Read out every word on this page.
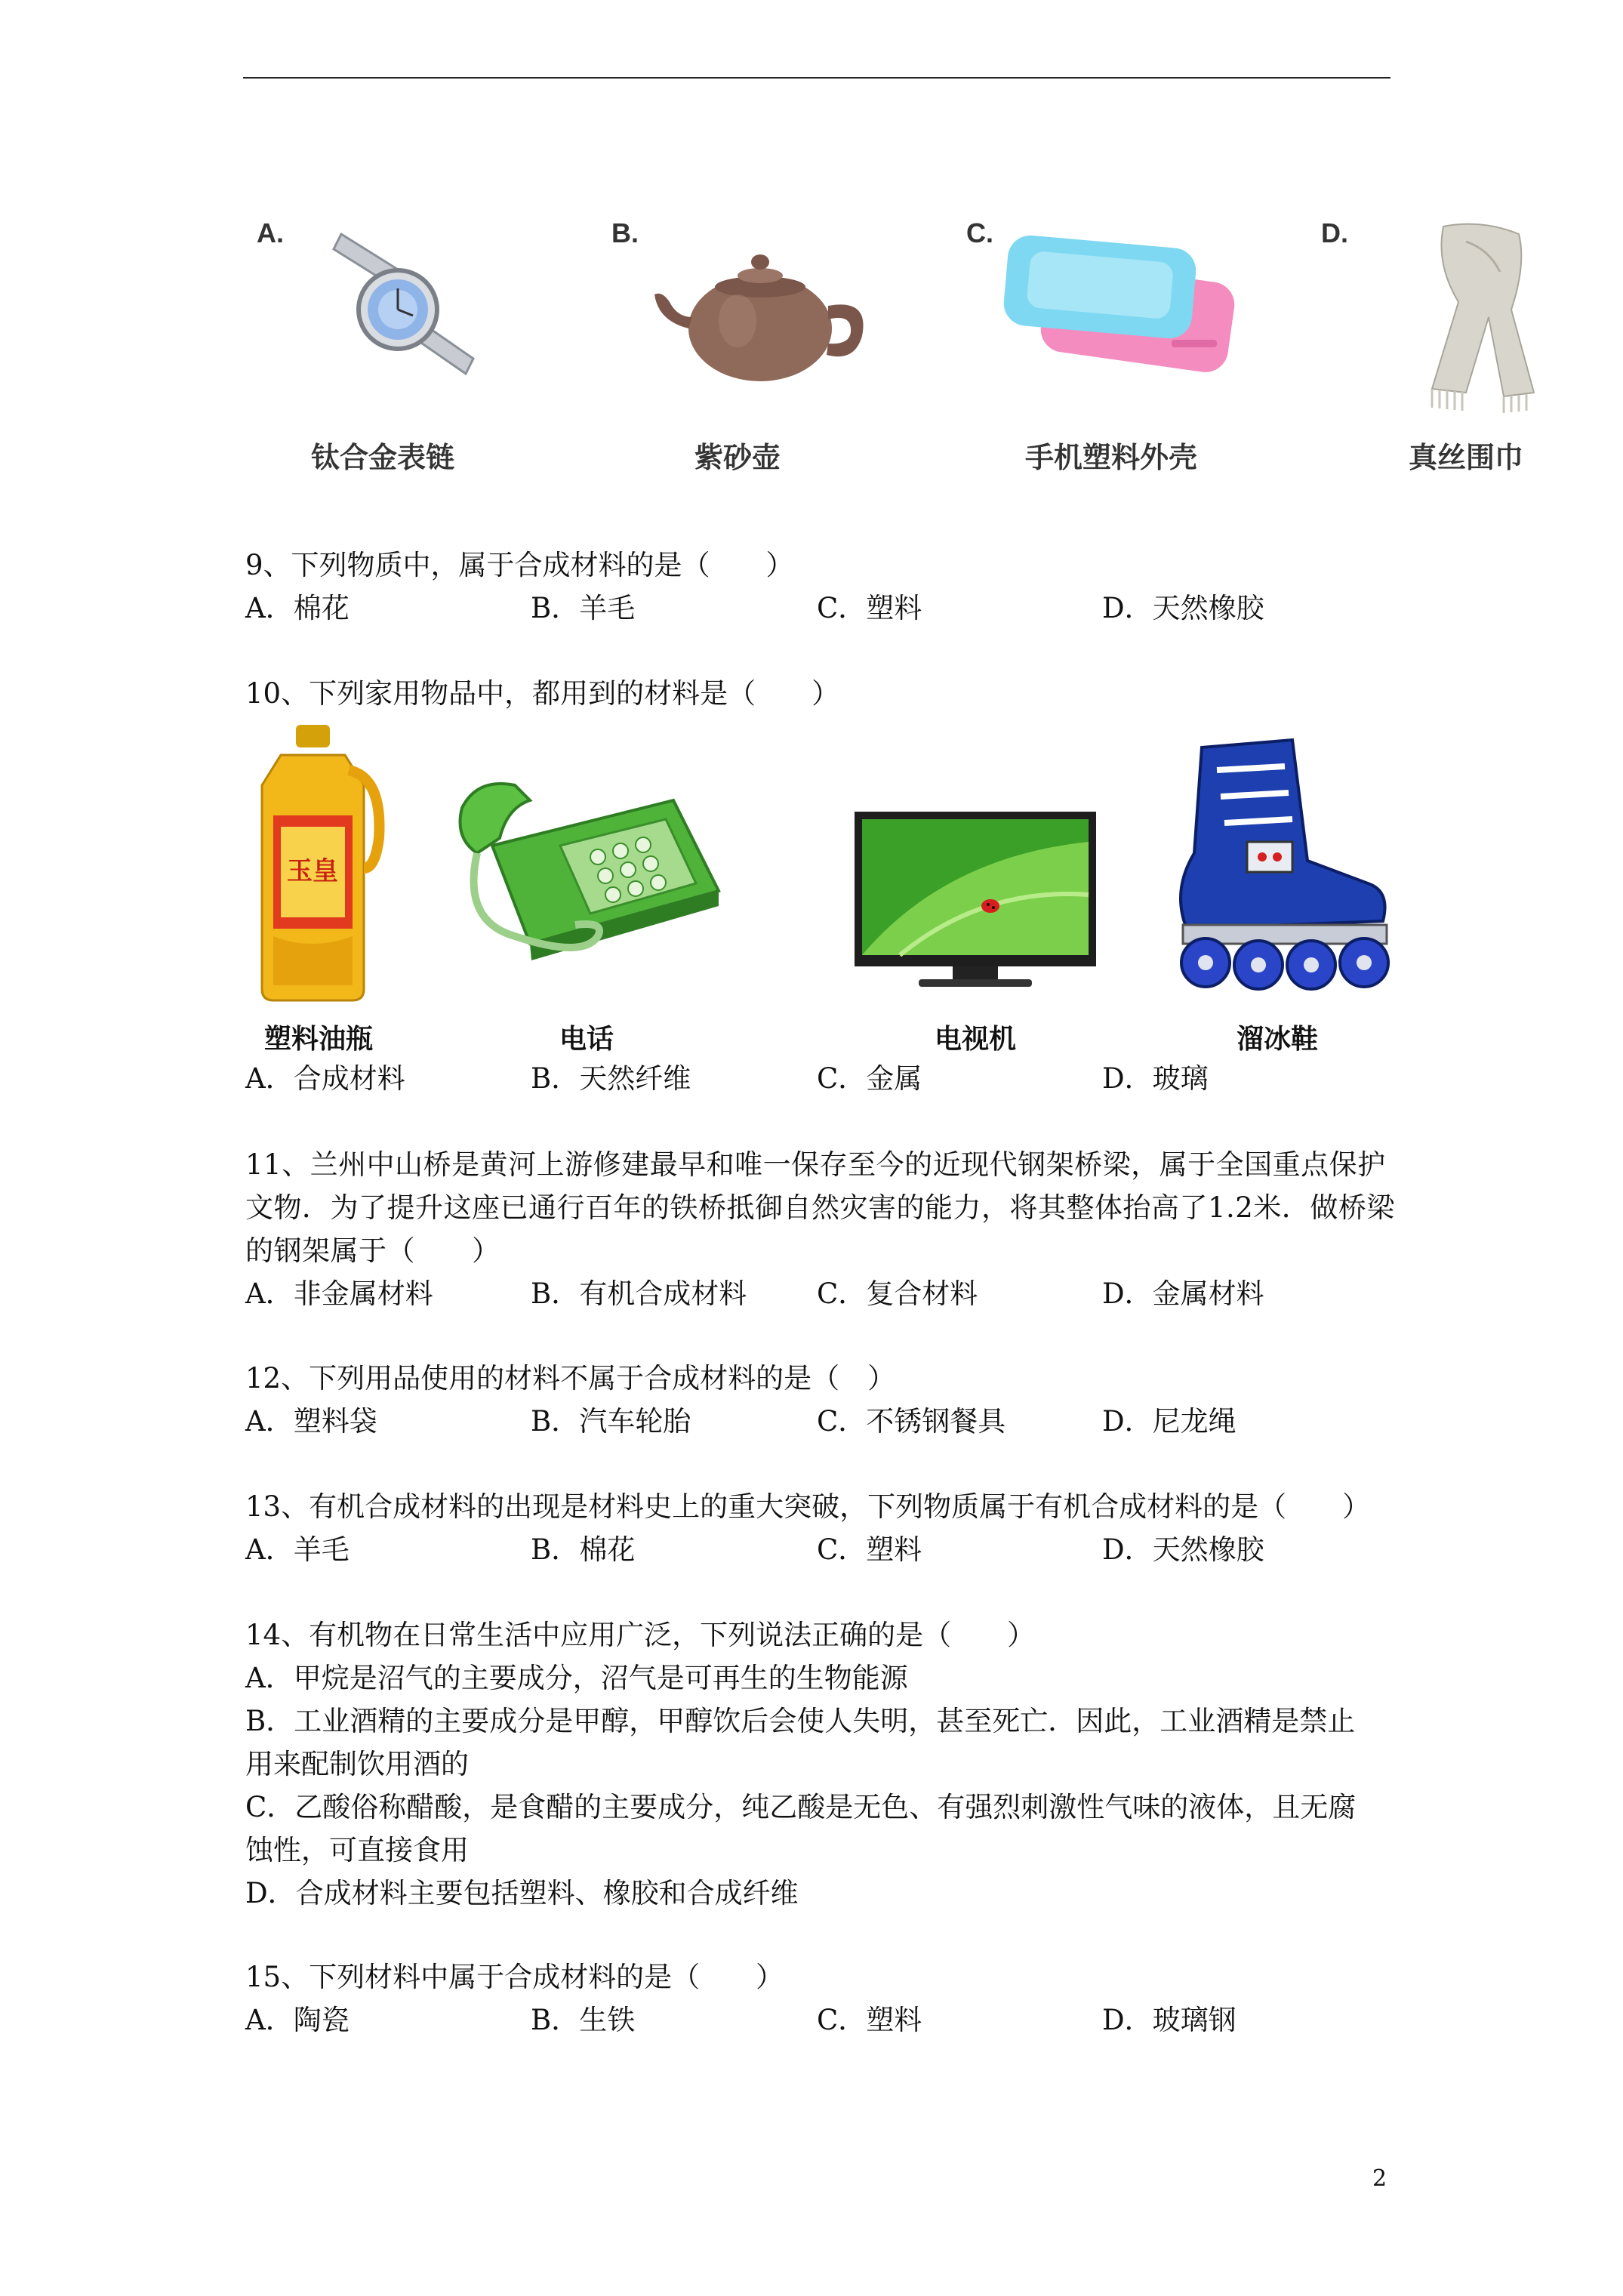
A.
钛合金表链
B.
紫砂壶
C.
手机塑料外壳
D.
真丝围巾
9、下列物质中，属于合成材料的是（　　）
A．棉花	B．羊毛	C．塑料	D．天然橡胶
10、下列家用物品中，都用到的材料是（　　）
玉皇
塑料油瓶	电话	电视机	溜冰鞋
A．合成材料	B．天然纤维	C．金属	D．玻璃
11、兰州中山桥是黄河上游修建最早和唯一保存至今的近现代钢架桥梁，属于全国重点保护文物．为了提升这座已通行百年的铁桥抵御自然灾害的能力，将其整体抬高了1.2米．做桥梁的钢架属于（　　）
A．非金属材料	B．有机合成材料	C．复合材料	D．金属材料
12、下列用品使用的材料不属于合成材料的是（　）
A．塑料袋	B．汽车轮胎	C．不锈钢餐具	D．尼龙绳
13、有机合成材料的出现是材料史上的重大突破，下列物质属于有机合成材料的是（　　）
A．羊毛	B．棉花	C．塑料	D．天然橡胶
14、有机物在日常生活中应用广泛，下列说法正确的是（　　）
A．甲烷是沼气的主要成分，沼气是可再生的生物能源
B．工业酒精的主要成分是甲醇，甲醇饮后会使人失明，甚至死亡．因此，工业酒精是禁止
用来配制饮用酒的
C．乙酸俗称醋酸，是食醋的主要成分，纯乙酸是无色、有强烈刺激性气味的液体，且无腐
蚀性，可直接食用
D．合成材料主要包括塑料、橡胶和合成纤维
15、下列材料中属于合成材料的是（　　）
A．陶瓷	B．生铁	C．塑料	D．玻璃钢
2
